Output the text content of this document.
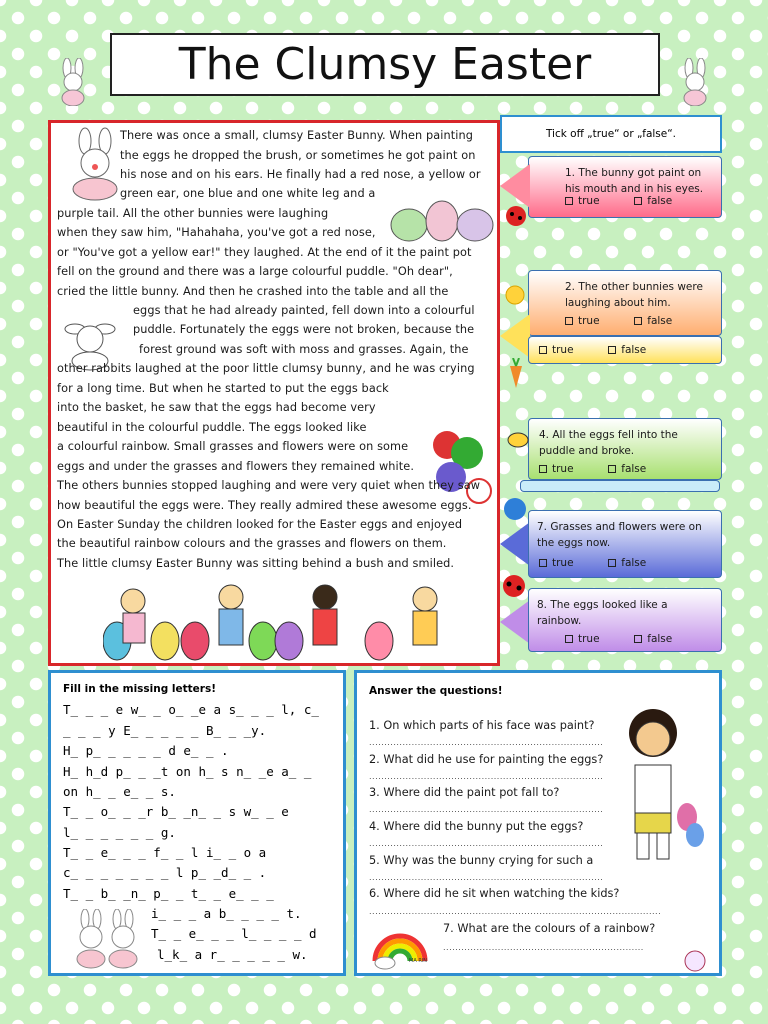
The Clumsy Easter
There was once a small, clumsy Easter Bunny. When painting
the eggs he dropped the brush, or sometimes he got paint on
his nose and on his ears. He finally had a red nose, a yellow or
green ear, one blue and one white leg and a
purple tail. All the other bunnies were laughing
when they saw him, "Hahahaha, you've got a red nose,
or "You've got a yellow ear!" they laughed. At the end of it the paint pot
fell on the ground and there was a large colourful puddle. "Oh dear",
cried the little bunny. And then he crashed into the table and all the
eggs that he had already painted, fell down into a colourful
puddle. Fortunately the eggs were not broken, because the
forest ground was soft with moss and grasses. Again, the
other rabbits laughed at the poor little clumsy bunny, and he was crying
for a long time. But when he started to put the eggs back
into the basket, he saw that the eggs had become very
beautiful in the colourful puddle. The eggs looked like
a colourful rainbow. Small grasses and flowers were on some
eggs and under the grasses and flowers they remained white.
The others bunnies stopped laughing and were very quiet when they saw
how beautiful the eggs were. They really admired these awesome eggs.
On Easter Sunday the children looked for the Easter eggs and enjoyed
the beautiful rainbow colours and the grasses and flowers on them.
The little clumsy Easter Bunny was sitting behind a bush and smiled.
Tick off „true“ or „false“.
1. The bunny got paint on his mouth and in his eyes.
true	false
2. The other bunnies were laughing about him.
true	false
true	false
4. All the eggs fell into the puddle and broke.
true	false
7. Grasses and flowers were on the eggs now.
true	false
8. The eggs looked like a rainbow.
true	false
Fill in the missing letters!
T_ _ _ e w_ _ o_ _e a s_ _ _ l, c_
_ _ _ y E_ _ _ _ _ B_ _ _y.
H_ p_ _ _ _ _ d e_ _ .
H_ h_d p_ _ _t on h_ s n_ _e a_ _
on h_ _ e_ _ s.
T_ _ o_ _ _r b_ _n_ _ s w_ _ e
l_ _ _ _ _ _ g.
T_ _ e_ _ _ f_ _ l i_ _ o a
c_ _ _ _ _ _ _ l p_ _d_ _ .
T_ _ b_ _n_ p_ _ t_ _ e_ _ _
i_ _ _ a b_ _ _ _ t.
T_ _ e_ _ _ l_ _ _ _ d
l_k_ a r_ _ _ _ _ w.
Answer the questions!
1. On which parts of his face was paint?
.............................................................................
2. What did he use for painting the eggs?
.............................................................................
3. Where did the paint pot fall to?
.............................................................................
4. Where did the bunny put the eggs?
.............................................................................
5. Why was the bunny crying for such a
.............................................................................
6. Where did he sit when watching the kids?
................................................................................................
7. What are the colours of a rainbow?
..................................................................
MA RIN
